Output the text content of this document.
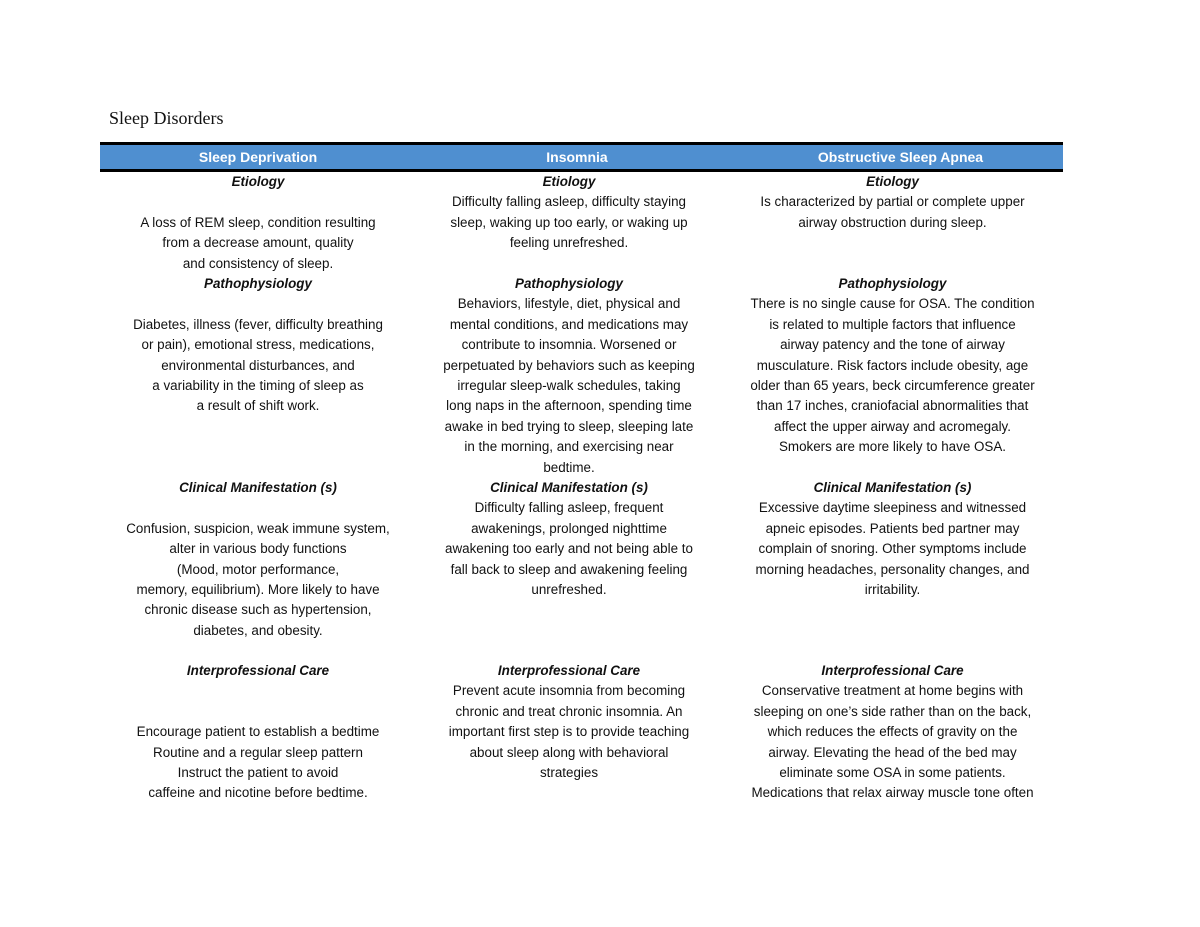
Sleep Disorders
Sleep Deprivation	Insomnia	Obstructive Sleep Apnea
Etiology

A loss of REM sleep, condition resulting
from a decrease amount, quality
and consistency of sleep.
Pathophysiology

Diabetes, illness (fever, difficulty breathing
or pain), emotional stress, medications,
environmental disturbances, and
a variability in the timing of sleep as
a result of shift work.
Clinical Manifestation (s)

Confusion, suspicion, weak immune system,
alter in various body functions
(Mood, motor performance,
memory, equilibrium). More likely to have
chronic disease such as hypertension,
diabetes, and obesity.
Interprofessional Care

Encourage patient to establish a bedtime
Routine and a regular sleep pattern
Instruct the patient to avoid
caffeine and nicotine before bedtime.
Etiology
Difficulty falling asleep, difficulty staying
sleep, waking up too early, or waking up
feeling unrefreshed.
Pathophysiology
Behaviors, lifestyle, diet, physical and
mental conditions, and medications may
contribute to insomnia. Worsened or
perpetuated by behaviors such as keeping
irregular sleep-walk schedules, taking
long naps in the afternoon, spending time
awake in bed trying to sleep, sleeping late
in the morning, and exercising near
bedtime.
Clinical Manifestation (s)
Difficulty falling asleep, frequent
awakenings, prolonged nighttime
awakening too early and not being able to
fall back to sleep and awakening feeling
unrefreshed.
Interprofessional Care
Prevent acute insomnia from becoming
chronic and treat chronic insomnia. An
important first step is to provide teaching
about sleep along with behavioral
strategies
Etiology
Is characterized by partial or complete upper
airway obstruction during sleep.
Pathophysiology
There is no single cause for OSA. The condition
is related to multiple factors that influence
airway patency and the tone of airway
musculature. Risk factors include obesity, age
older than 65 years, beck circumference greater
than 17 inches, craniofacial abnormalities that
affect the upper airway and acromegaly.
Smokers are more likely to have OSA.
Clinical Manifestation (s)
Excessive daytime sleepiness and witnessed
apneic episodes. Patients bed partner may
complain of snoring. Other symptoms include
morning headaches, personality changes, and
irritability.
Interprofessional Care
Conservative treatment at home begins with
sleeping on one’s side rather than on the back,
which reduces the effects of gravity on the
airway. Elevating the head of the bed may
eliminate some OSA in some patients.
Medications that relax airway muscle tone often
